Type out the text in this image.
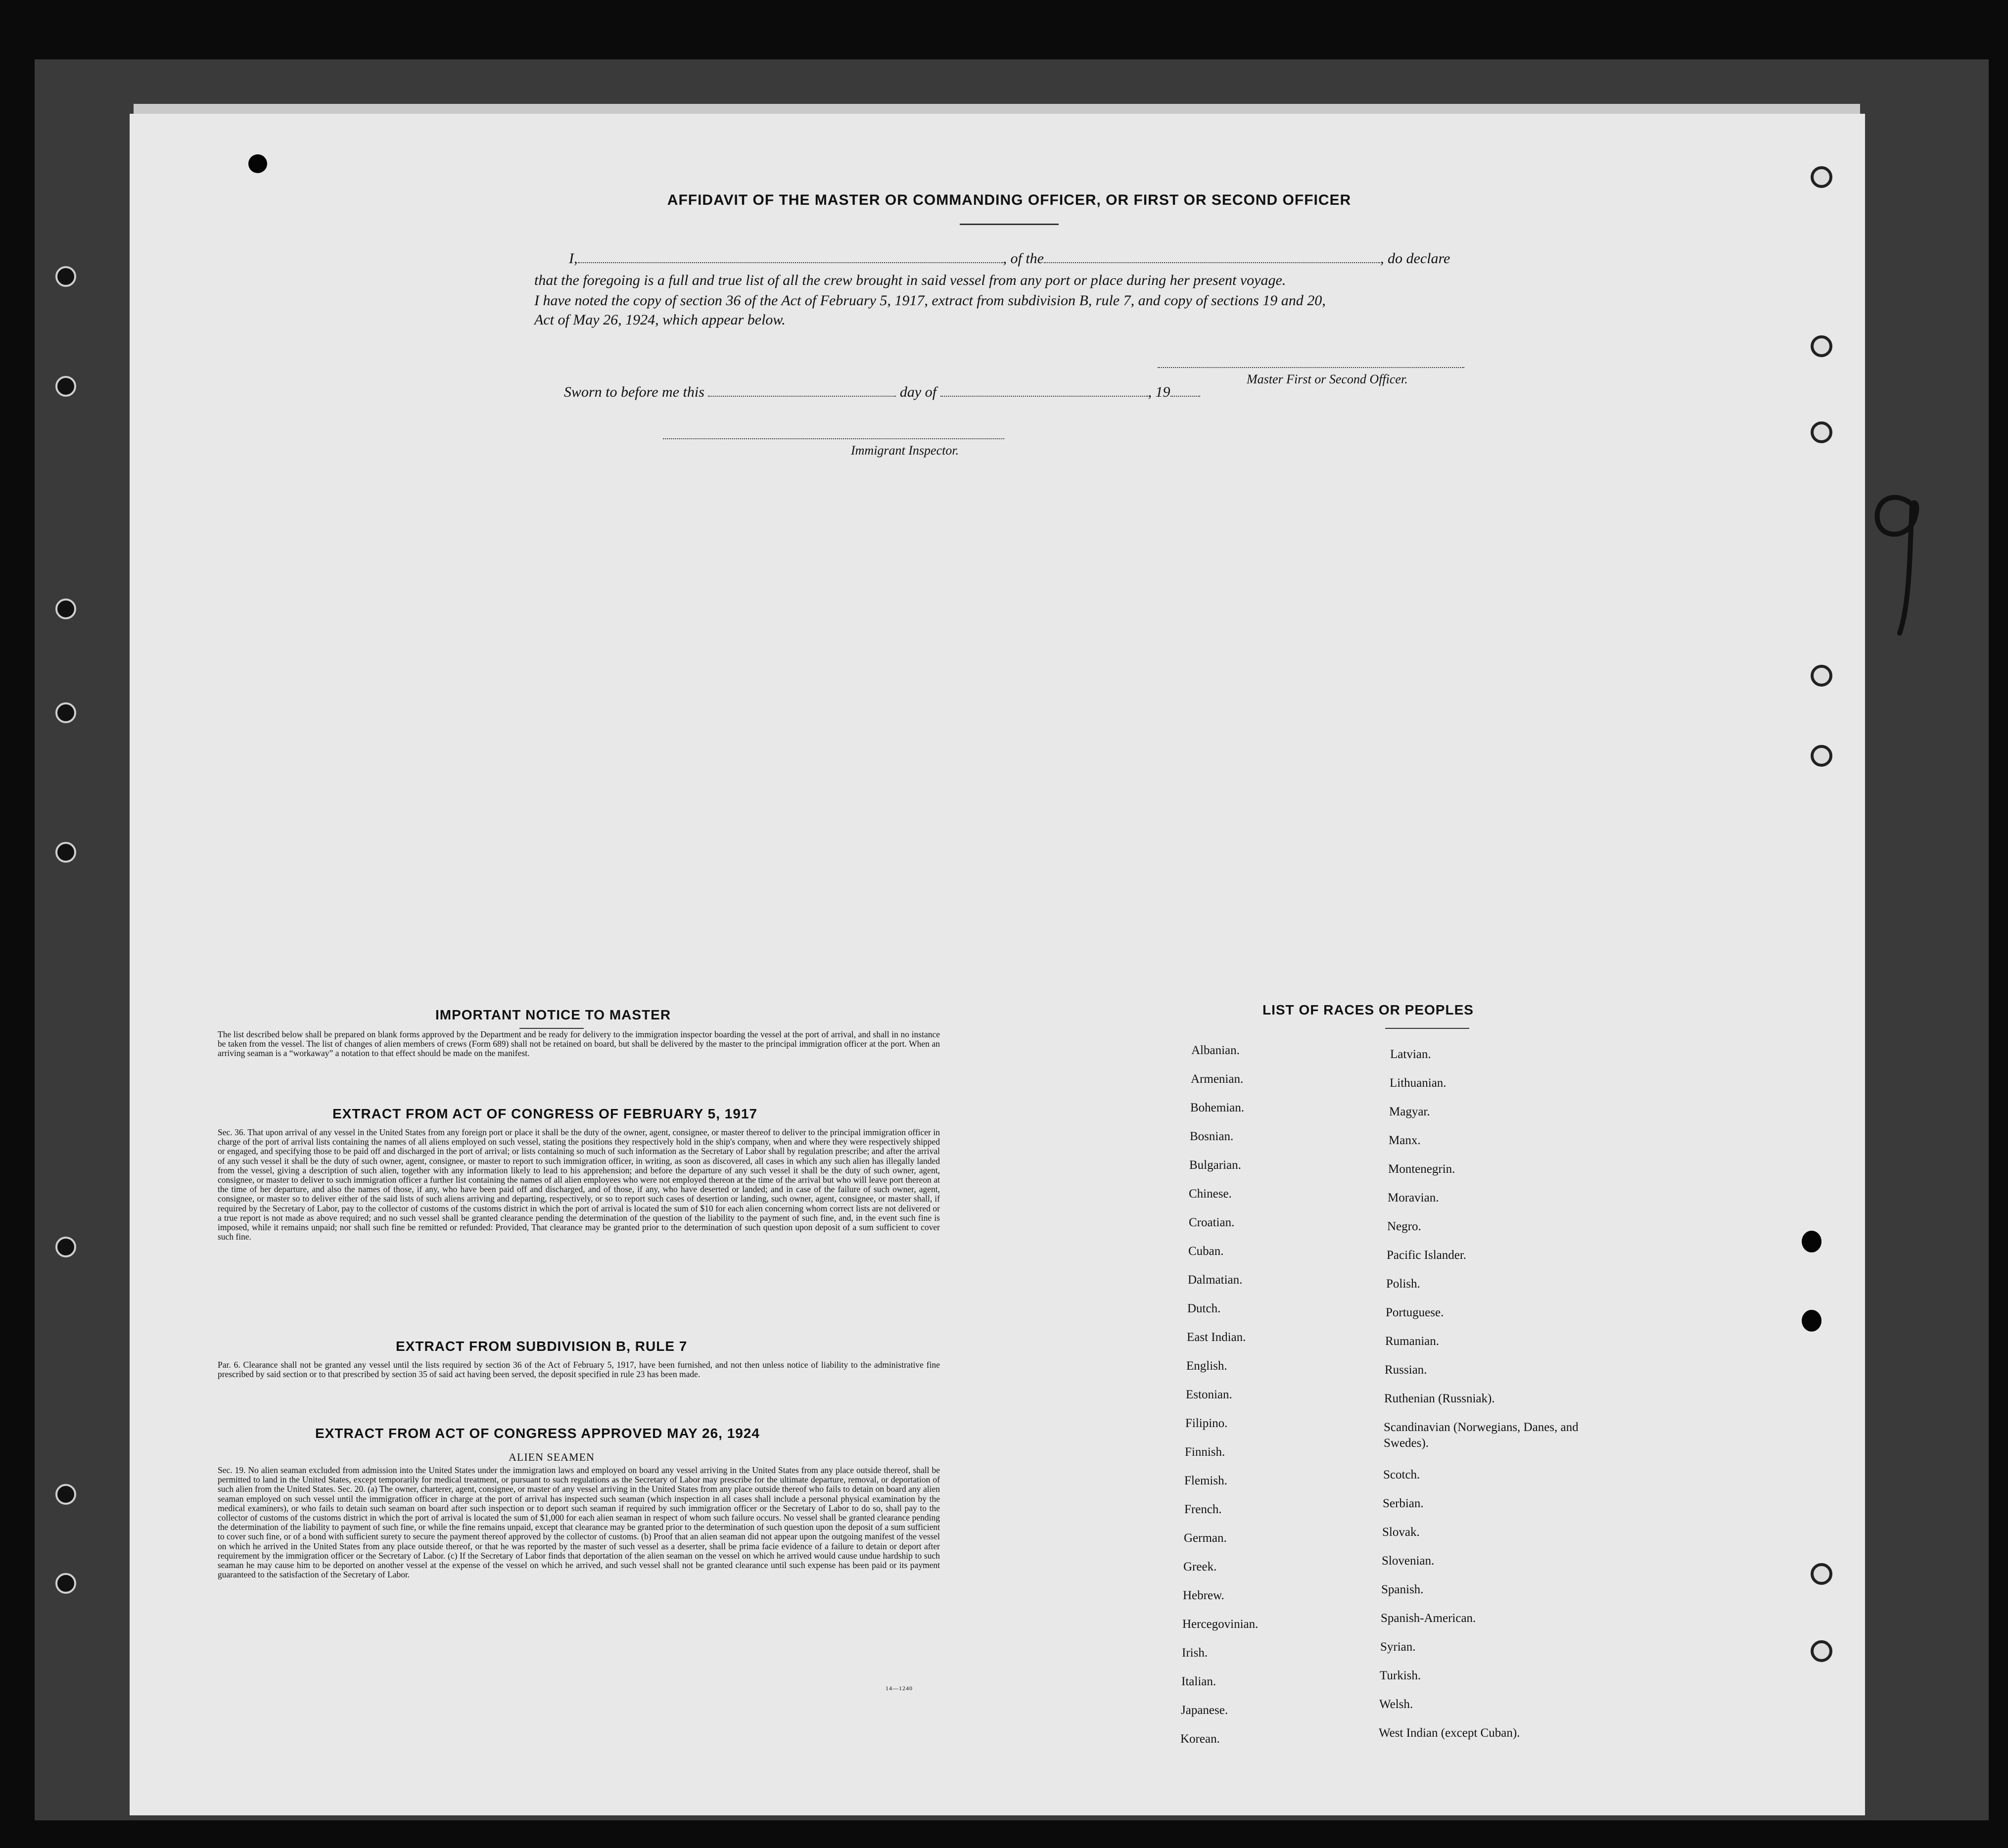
AFFIDAVIT OF THE MASTER OR COMMANDING OFFICER, OR FIRST OR SECOND OFFICER
I,	, of the	, do declare
that the foregoing is a full and true list of all the crew brought in said vessel from any port or place during her present voyage.
I have noted the copy of section 36 of the Act of February 5, 1917, extract from subdivision B, rule 7, and copy of sections 19 and 20,
Act of May 26, 1924, which appear below.
Master First or Second Officer.
Sworn to before me this	day of	, 19
Immigrant Inspector.
IMPORTANT NOTICE TO MASTER
The list described below shall be prepared on blank forms approved by the Department and be ready for delivery to the immigration inspector boarding the vessel at the port of arrival, and shall in no instance be taken from the vessel. The list of changes of alien members of crews (Form 689) shall not be retained on board, but shall be delivered by the master to the principal immigration officer at the port. When an arriving seaman is a “workaway” a notation to that effect should be made on the manifest.
EXTRACT FROM ACT OF CONGRESS OF FEBRUARY 5, 1917
Sec. 36. That upon arrival of any vessel in the United States from any foreign port or place it shall be the duty of the owner, agent, consignee, or master thereof to deliver to the principal immigration officer in charge of the port of arrival lists containing the names of all aliens employed on such vessel, stating the positions they respectively hold in the ship's company, when and where they were respectively shipped or engaged, and specifying those to be paid off and discharged in the port of arrival; or lists containing so much of such information as the Secretary of Labor shall by regulation prescribe; and after the arrival of any such vessel it shall be the duty of such owner, agent, consignee, or master to report to such immigration officer, in writing, as soon as discovered, all cases in which any such alien has illegally landed from the vessel, giving a description of such alien, together with any information likely to lead to his apprehension; and before the departure of any such vessel it shall be the duty of such owner, agent, consignee, or master to deliver to such immigration officer a further list containing the names of all alien employees who were not employed thereon at the time of the arrival but who will leave port thereon at the time of her departure, and also the names of those, if any, who have been paid off and discharged, and of those, if any, who have deserted or landed; and in case of the failure of such owner, agent, consignee, or master so to deliver either of the said lists of such aliens arriving and departing, respectively, or so to report such cases of desertion or landing, such owner, agent, consignee, or master shall, if required by the Secretary of Labor, pay to the collector of customs of the customs district in which the port of arrival is located the sum of $10 for each alien concerning whom correct lists are not delivered or a true report is not made as above required; and no such vessel shall be granted clearance pending the determination of the question of the liability to the payment of such fine, and, in the event such fine is imposed, while it remains unpaid; nor shall such fine be remitted or refunded: Provided, That clearance may be granted prior to the determination of such question upon deposit of a sum sufficient to cover such fine.
EXTRACT FROM SUBDIVISION B, RULE 7
Par. 6. Clearance shall not be granted any vessel until the lists required by section 36 of the Act of February 5, 1917, have been furnished, and not then unless notice of liability to the administrative fine prescribed by said section or to that prescribed by section 35 of said act having been served, the deposit specified in rule 23 has been made.
EXTRACT FROM ACT OF CONGRESS APPROVED MAY 26, 1924
ALIEN SEAMEN
Sec. 19. No alien seaman excluded from admission into the United States under the immigration laws and employed on board any vessel arriving in the United States from any place outside thereof, shall be permitted to land in the United States, except temporarily for medical treatment, or pursuant to such regulations as the Secretary of Labor may prescribe for the ultimate departure, removal, or deportation of such alien from the United States. Sec. 20. (a) The owner, charterer, agent, consignee, or master of any vessel arriving in the United States from any place outside thereof who fails to detain on board any alien seaman employed on such vessel until the immigration officer in charge at the port of arrival has inspected such seaman (which inspection in all cases shall include a personal physical examination by the medical examiners), or who fails to detain such seaman on board after such inspection or to deport such seaman if required by such immigration officer or the Secretary of Labor to do so, shall pay to the collector of customs of the customs district in which the port of arrival is located the sum of $1,000 for each alien seaman in respect of whom such failure occurs. No vessel shall be granted clearance pending the determination of the liability to payment of such fine, or while the fine remains unpaid, except that clearance may be granted prior to the determination of such question upon the deposit of a sum sufficient to cover such fine, or of a bond with sufficient surety to secure the payment thereof approved by the collector of customs. (b) Proof that an alien seaman did not appear upon the outgoing manifest of the vessel on which he arrived in the United States from any place outside thereof, or that he was reported by the master of such vessel as a deserter, shall be prima facie evidence of a failure to detain or deport after requirement by the immigration officer or the Secretary of Labor. (c) If the Secretary of Labor finds that deportation of the alien seaman on the vessel on which he arrived would cause undue hardship to such seaman he may cause him to be deported on another vessel at the expense of the vessel on which he arrived, and such vessel shall not be granted clearance until such expense has been paid or its payment guaranteed to the satisfaction of the Secretary of Labor.
14—1240
LIST OF RACES OR PEOPLES
Albanian.
Armenian.
Bohemian.
Bosnian.
Bulgarian.
Chinese.
Croatian.
Cuban.
Dalmatian.
Dutch.
East Indian.
English.
Estonian.
Filipino.
Finnish.
Flemish.
French.
German.
Greek.
Hebrew.
Hercegovinian.
Irish.
Italian.
Japanese.
Korean.
Latvian.
Lithuanian.
Magyar.
Manx.
Montenegrin.
Moravian.
Negro.
Pacific Islander.
Polish.
Portuguese.
Rumanian.
Russian.
Ruthenian (Russniak).
Scandinavian (Norwegians, Danes, and Swedes).
Scotch.
Serbian.
Slovak.
Slovenian.
Spanish.
Spanish-American.
Syrian.
Turkish.
Welsh.
West Indian (except Cuban).
